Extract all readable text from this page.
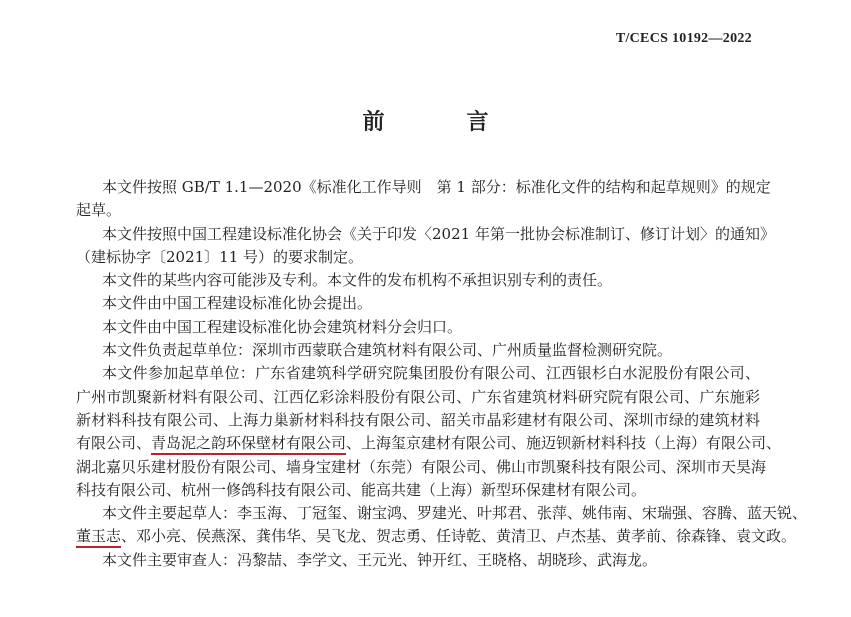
T/CECS 10192—2022
前　言
本文件按照 GB/T 1.1—2020《标准化工作导则　第 1 部分：标准化文件的结构和起草规则》的规定
起草。
本文件按照中国工程建设标准化协会《关于印发〈2021 年第一批协会标准制订、修订计划〉的通知》
（建标协字〔2021〕11 号）的要求制定。
本文件的某些内容可能涉及专利。本文件的发布机构不承担识别专利的责任。
本文件由中国工程建设标准化协会提出。
本文件由中国工程建设标准化协会建筑材料分会归口。
本文件负责起草单位：深圳市西蒙联合建筑材料有限公司、广州质量监督检测研究院。
本文件参加起草单位：广东省建筑科学研究院集团股份有限公司、江西银杉白水泥股份有限公司、
广州市凯聚新材料有限公司、江西亿彩涂料股份有限公司、广东省建筑材料研究院有限公司、广东施彩
新材料科技有限公司、上海力巢新材料科技有限公司、韶关市晶彩建材有限公司、深圳市绿的建筑材料
有限公司、青岛泥之韵环保壁材有限公司、上海玺京建材有限公司、施迈钡新材料科技（上海）有限公司、
湖北嘉贝乐建材股份有限公司、墙身宝建材（东莞）有限公司、佛山市凯聚科技有限公司、深圳市天昊海
科技有限公司、杭州一修鸽科技有限公司、能高共建（上海）新型环保建材有限公司。
本文件主要起草人：李玉海、丁冠玺、谢宝鸿、罗建光、叶邦君、张萍、姚伟南、宋瑞强、容腾、蓝天锐、
董玉志、邓小亮、侯燕深、龚伟华、吴飞龙、贺志勇、任诗乾、黄清卫、卢杰基、黄孝前、徐森锋、袁文政。
本文件主要审查人：冯黎喆、李学文、王元光、钟开红、王晓格、胡晓珍、武海龙。
